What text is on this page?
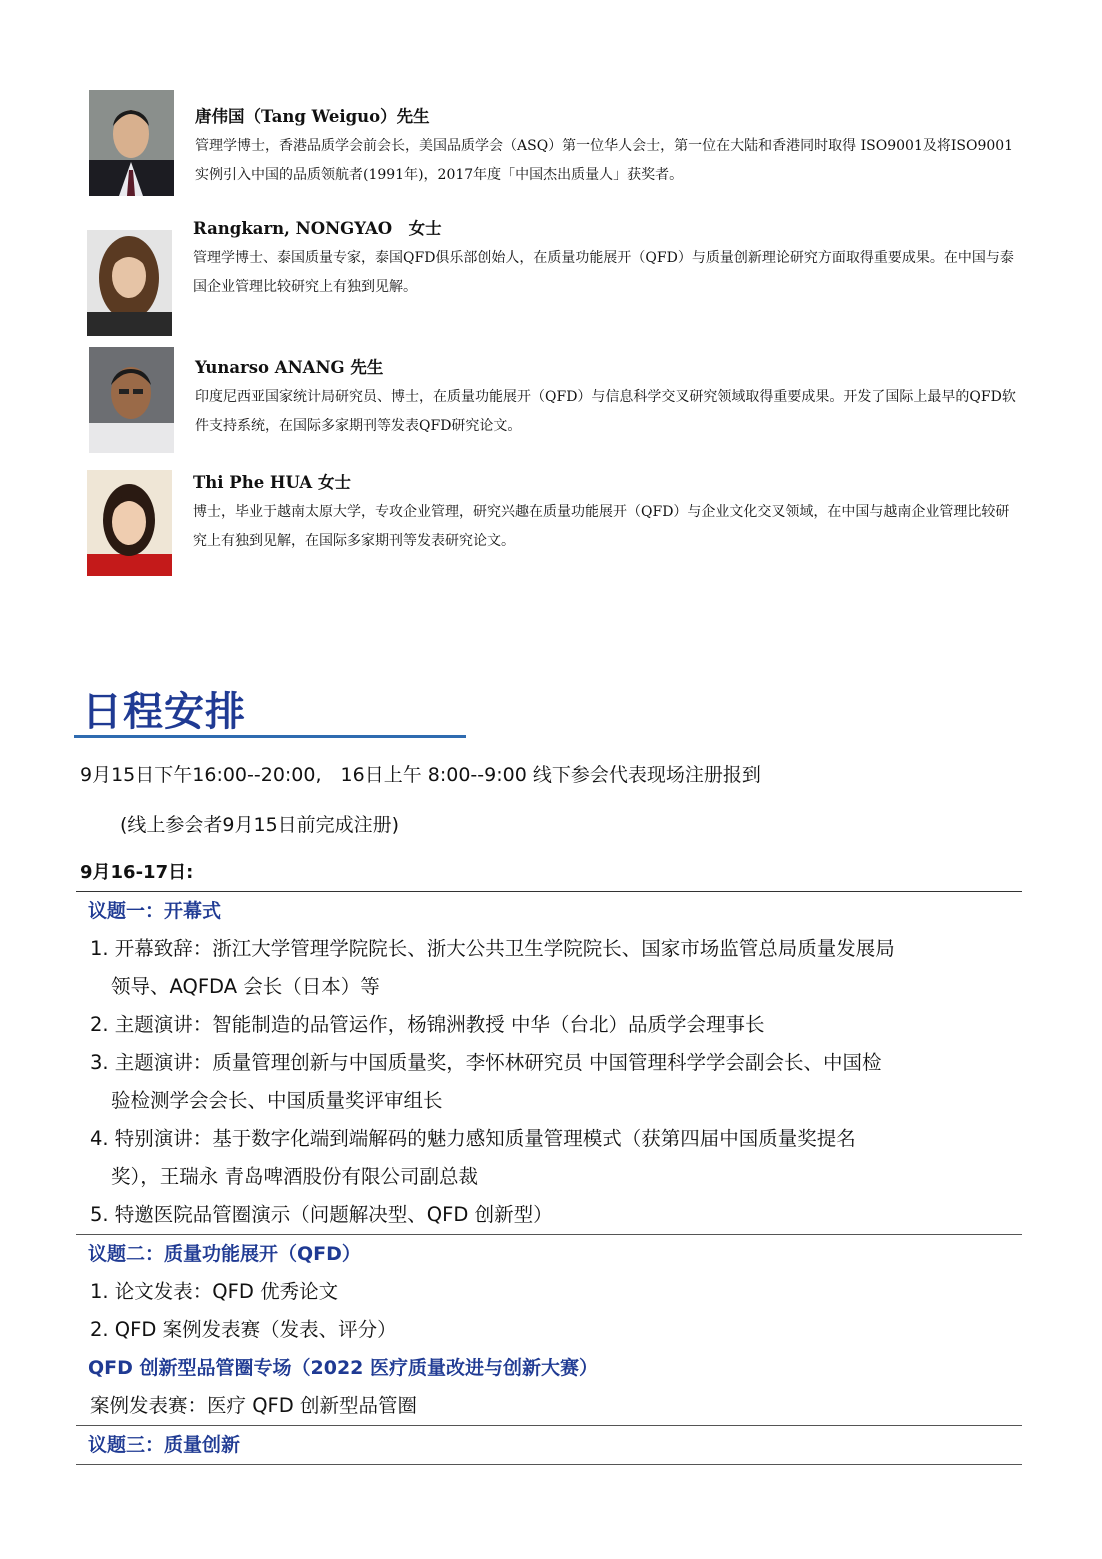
唐伟国（Tang Weiguo）先生

管理学博士，香港品质学会前会长，美国品质学会（ASQ）第一位华人会士，第一位在大陆和香港同时取得 ISO9001及将ISO9001实例引入中国的品质领航者(1991年)，2017年度「中国杰出质量人」获奖者。

Rangkarn, NONGYAO　女士

管理学博士、泰国质量专家，泰国QFD俱乐部创始人，在质量功能展开（QFD）与质量创新理论研究方面取得重要成果。在中国与泰国企业管理比较研究上有独到见解。

Yunarso ANANG 先生

印度尼西亚国家统计局研究员、博士，在质量功能展开（QFD）与信息科学交叉研究领域取得重要成果。开发了国际上最早的QFD软件支持系统，在国际多家期刊等发表QFD研究论文。

Thi Phe HUA 女士

博士，毕业于越南太原大学，专攻企业管理，研究兴趣在质量功能展开（QFD）与企业文化交叉领域，在中国与越南企业管理比较研究上有独到见解，在国际多家期刊等发表研究论文。

日程安排
9月15日下午16:00--20:00,　16日上午 8:00--9:00 线下参会代表现场注册报到
(线上参会者9月15日前完成注册)
9月16-17日:
议题一：开幕式
1. 开幕致辞：浙江大学管理学院院长、浙大公共卫生学院院长、国家市场监管总局质量发展局
领导、AQFDA 会长（日本）等
2. 主题演讲：智能制造的品管运作，杨锦洲教授 中华（台北）品质学会理事长
3. 主题演讲：质量管理创新与中国质量奖，李怀林研究员 中国管理科学学会副会长、中国检
验检测学会会长、中国质量奖评审组长
4. 特别演讲：基于数字化端到端解码的魅力感知质量管理模式（获第四届中国质量奖提名
奖），王瑞永 青岛啤酒股份有限公司副总裁
5. 特邀医院品管圈演示（问题解决型、QFD 创新型）
议题二：质量功能展开（QFD）
1. 论文发表：QFD 优秀论文
2. QFD 案例发表赛（发表、评分）
QFD 创新型品管圈专场（2022 医疗质量改进与创新大赛）
案例发表赛：医疗 QFD 创新型品管圈
议题三：质量创新
